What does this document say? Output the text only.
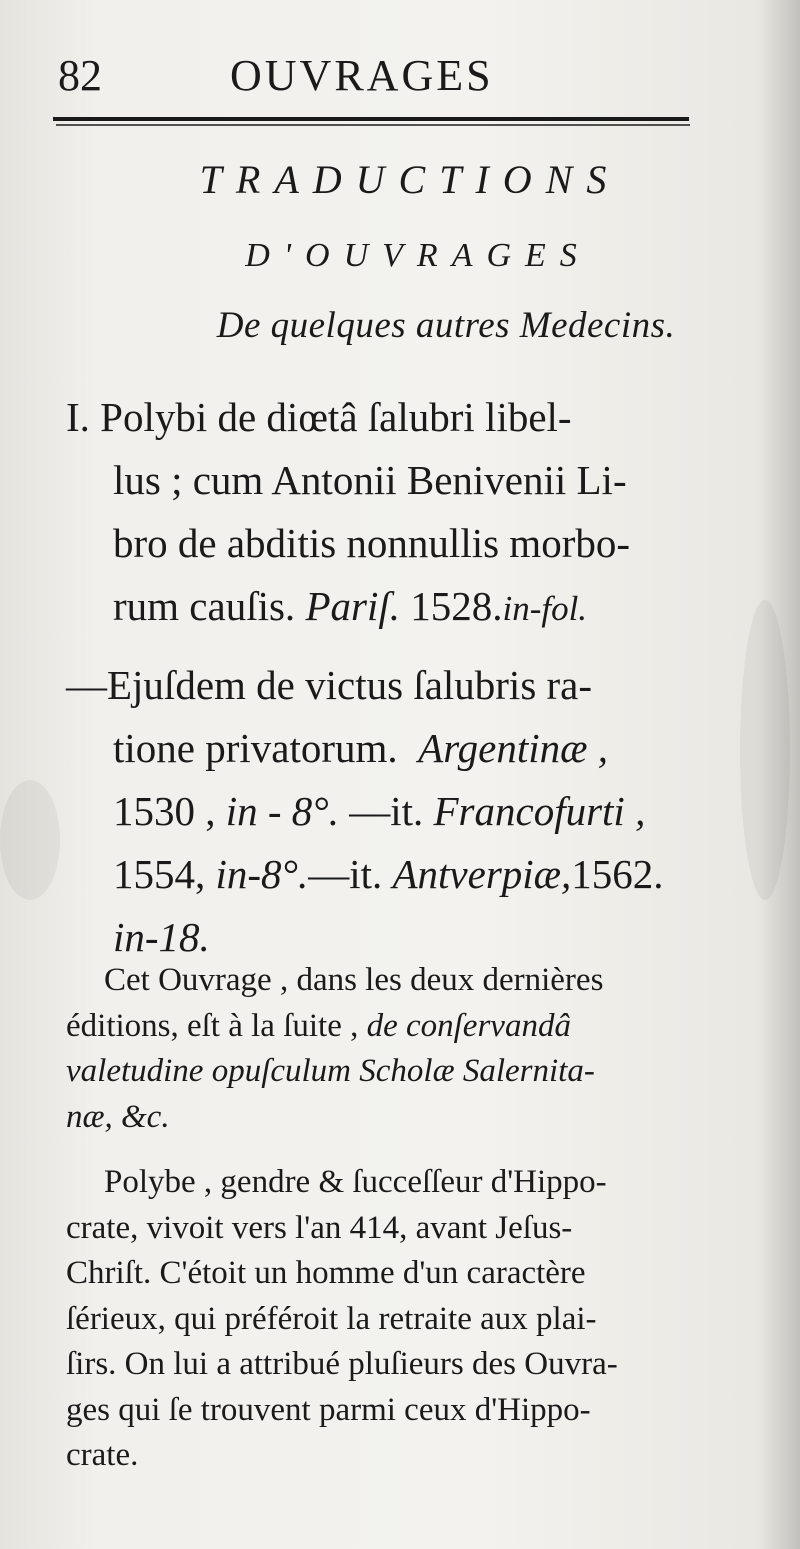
82	OUVRAGES
TRADUCTIONS
D'OUVRAGES
De quelques autres Medecins.
I. Polybi de diœtâ ſalubri libel-
lus ; cum Antonii Benivenii Li-
bro de abditis nonnullis morbo-
rum cauſis. Pariſ. 1528.in-fol.
—Ejuſdem de victus ſalubris ra-
tione privatorum. Argentinæ ,
1530 , in - 8°. —it. Francofurti ,
1554, in-8°.—it. Antverpiæ,1562.
in-18.
Cet Ouvrage , dans les deux dernières
éditions, eſt à la ſuite , de conſervandâ
valetudine opuſculum Scholæ Salernita-
næ, &c.
Polybe , gendre & ſucceſſeur d'Hippo-
crate, vivoit vers l'an 414, avant Jeſus-
Chriſt. C'étoit un homme d'un caractère
ſérieux, qui préféroit la retraite aux plai-
ſirs. On lui a attribué pluſieurs des Ouvra-
ges qui ſe trouvent parmi ceux d'Hippo-
crate.
